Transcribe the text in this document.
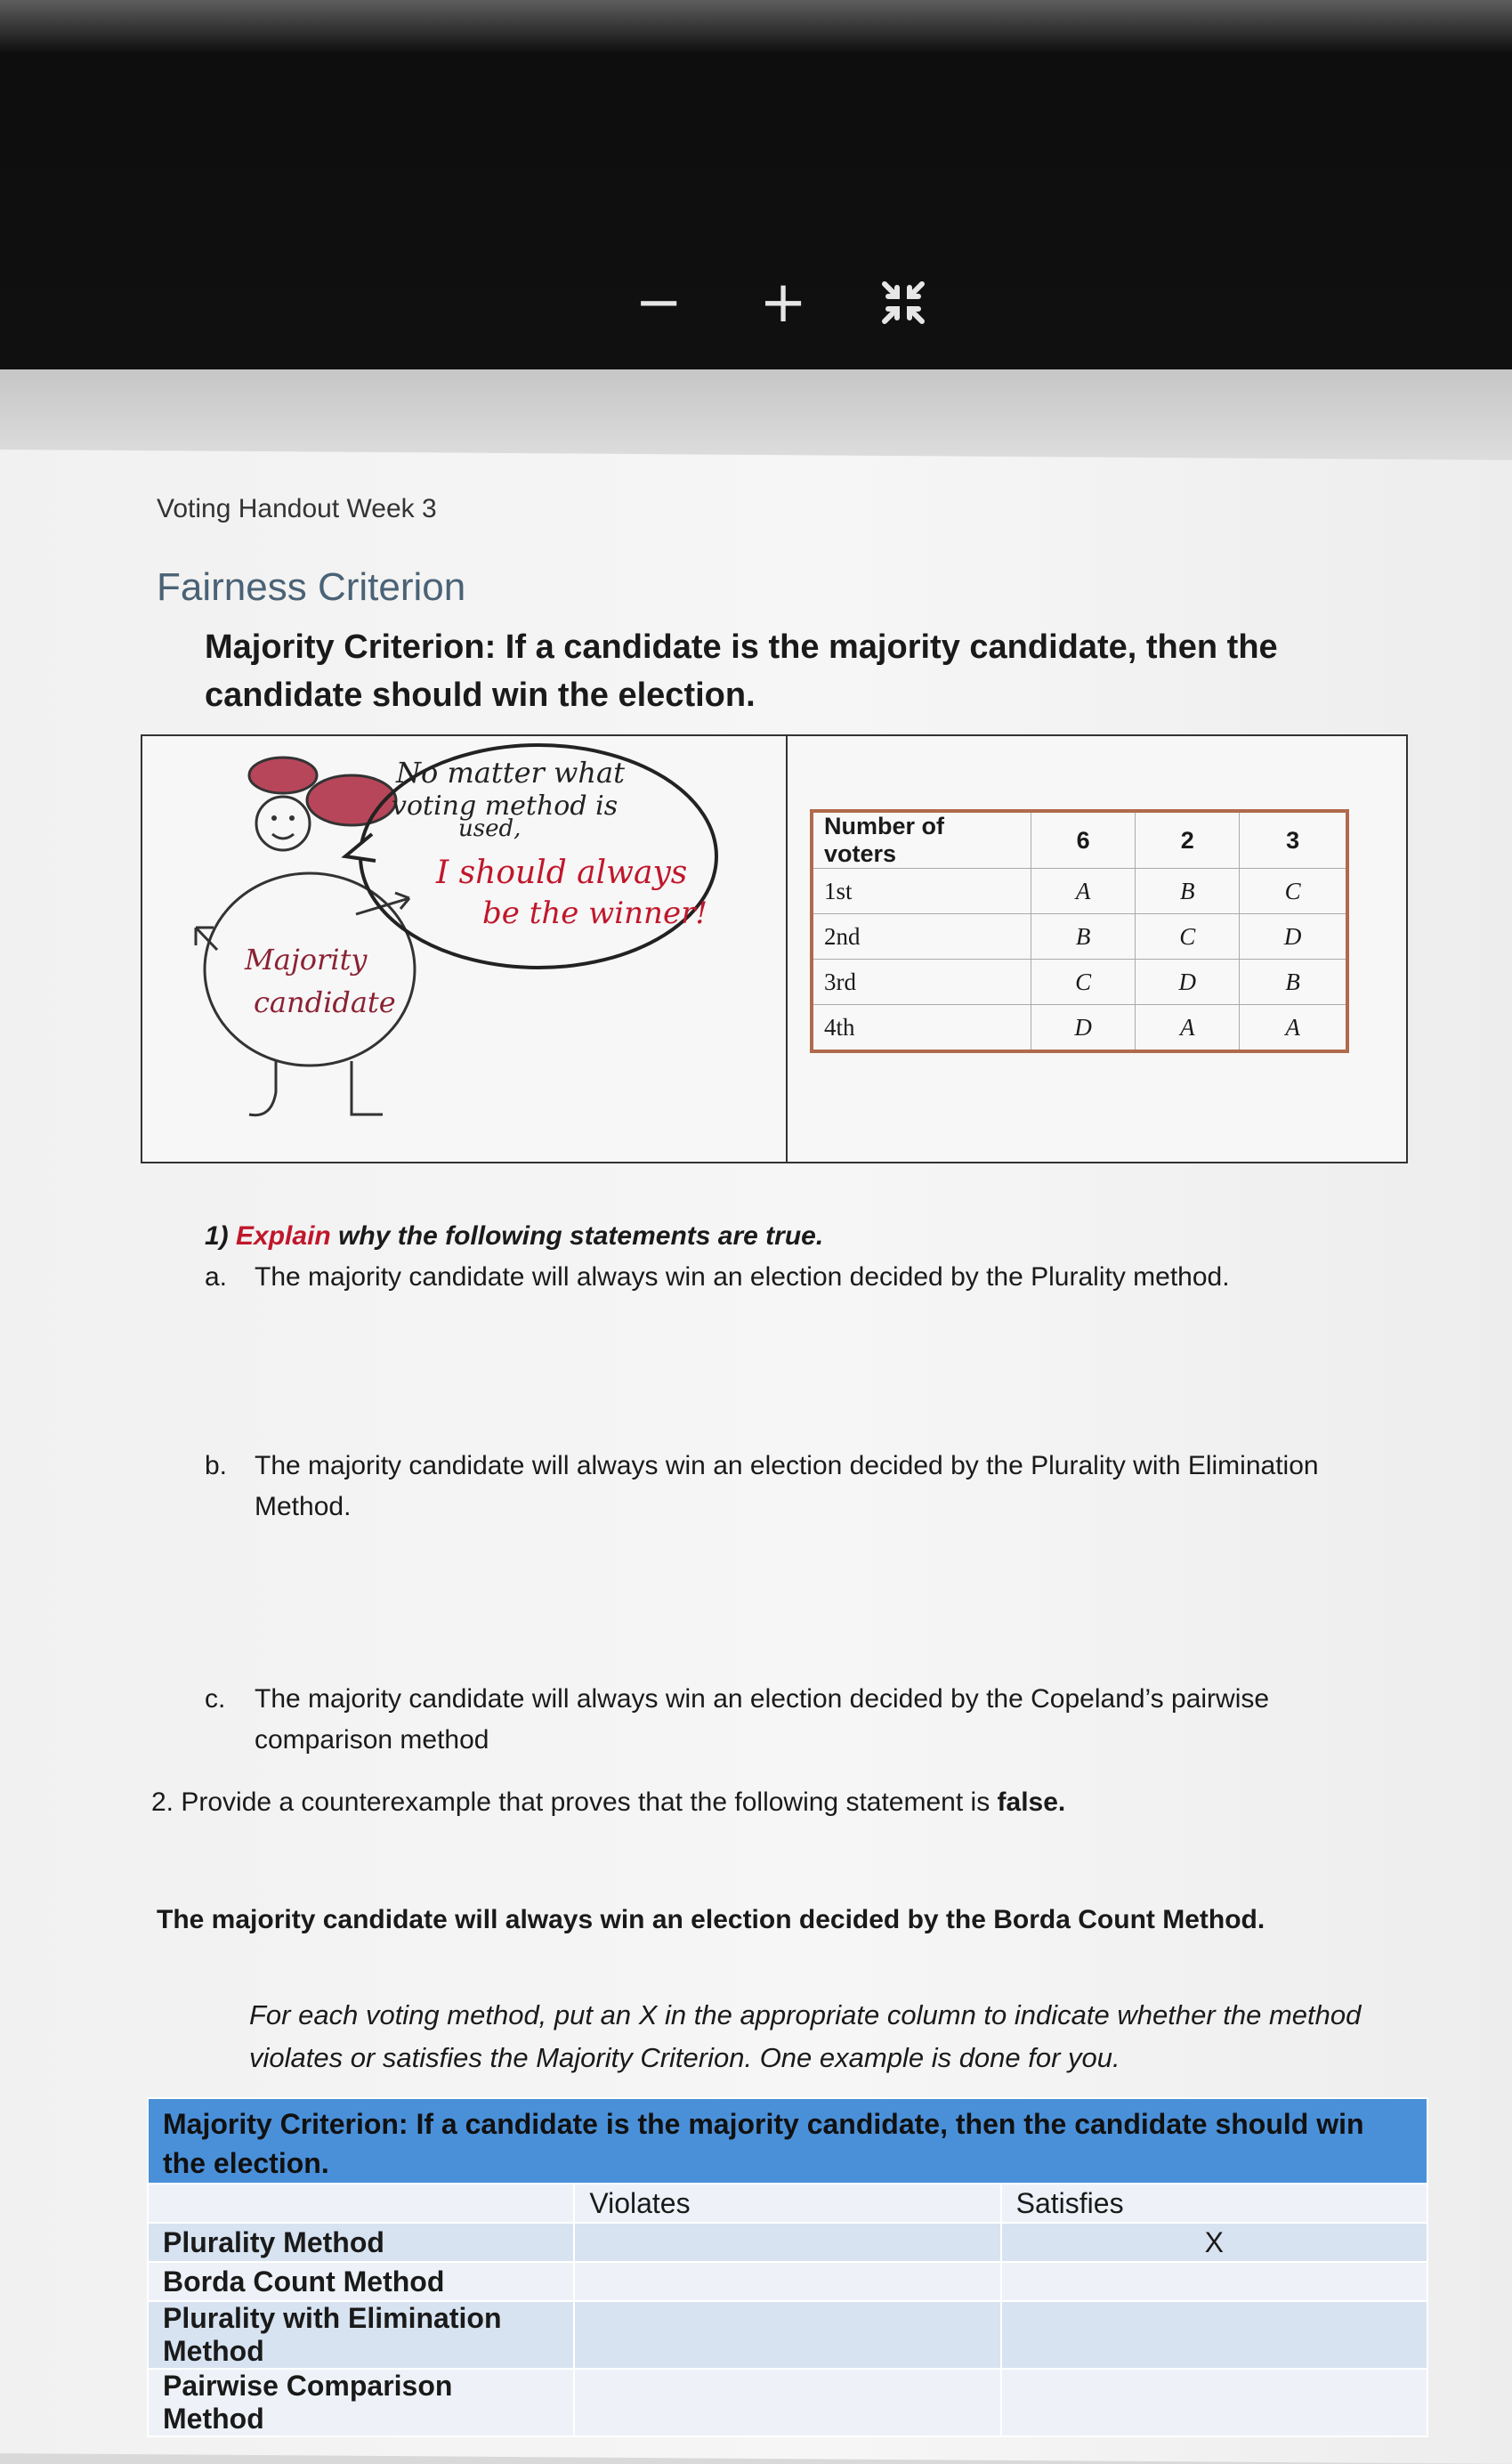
− +
Voting Handout Week 3
Fairness Criterion
Majority Criterion: If a candidate is the majority candidate, then the candidate should win the election.
No matter what
voting method is
used,
I should always
be the winner!
Majority
candidate
Number of voters	6	2	3
1st	A	B	C
2nd	B	C	D
3rd	C	D	B
4th	D	A	A
1) Explain why the following statements are true.
a. The majority candidate will always win an election decided by the Plurality method.
b. The majority candidate will always win an election decided by the Plurality with Elimination
Method.
c. The majority candidate will always win an election decided by the Copeland’s pairwise
comparison method
2. Provide a counterexample that proves that the following statement is false.
The majority candidate will always win an election decided by the Borda Count Method.
For each voting method, put an X in the appropriate column to indicate whether the method violates or satisfies the Majority Criterion. One example is done for you.
Majority Criterion: If a candidate is the majority candidate, then the candidate should win the election.		
	Violates	Satisfies
Plurality Method		X
Borda Count Method		
Plurality with Elimination Method		
Pairwise Comparison Method		
